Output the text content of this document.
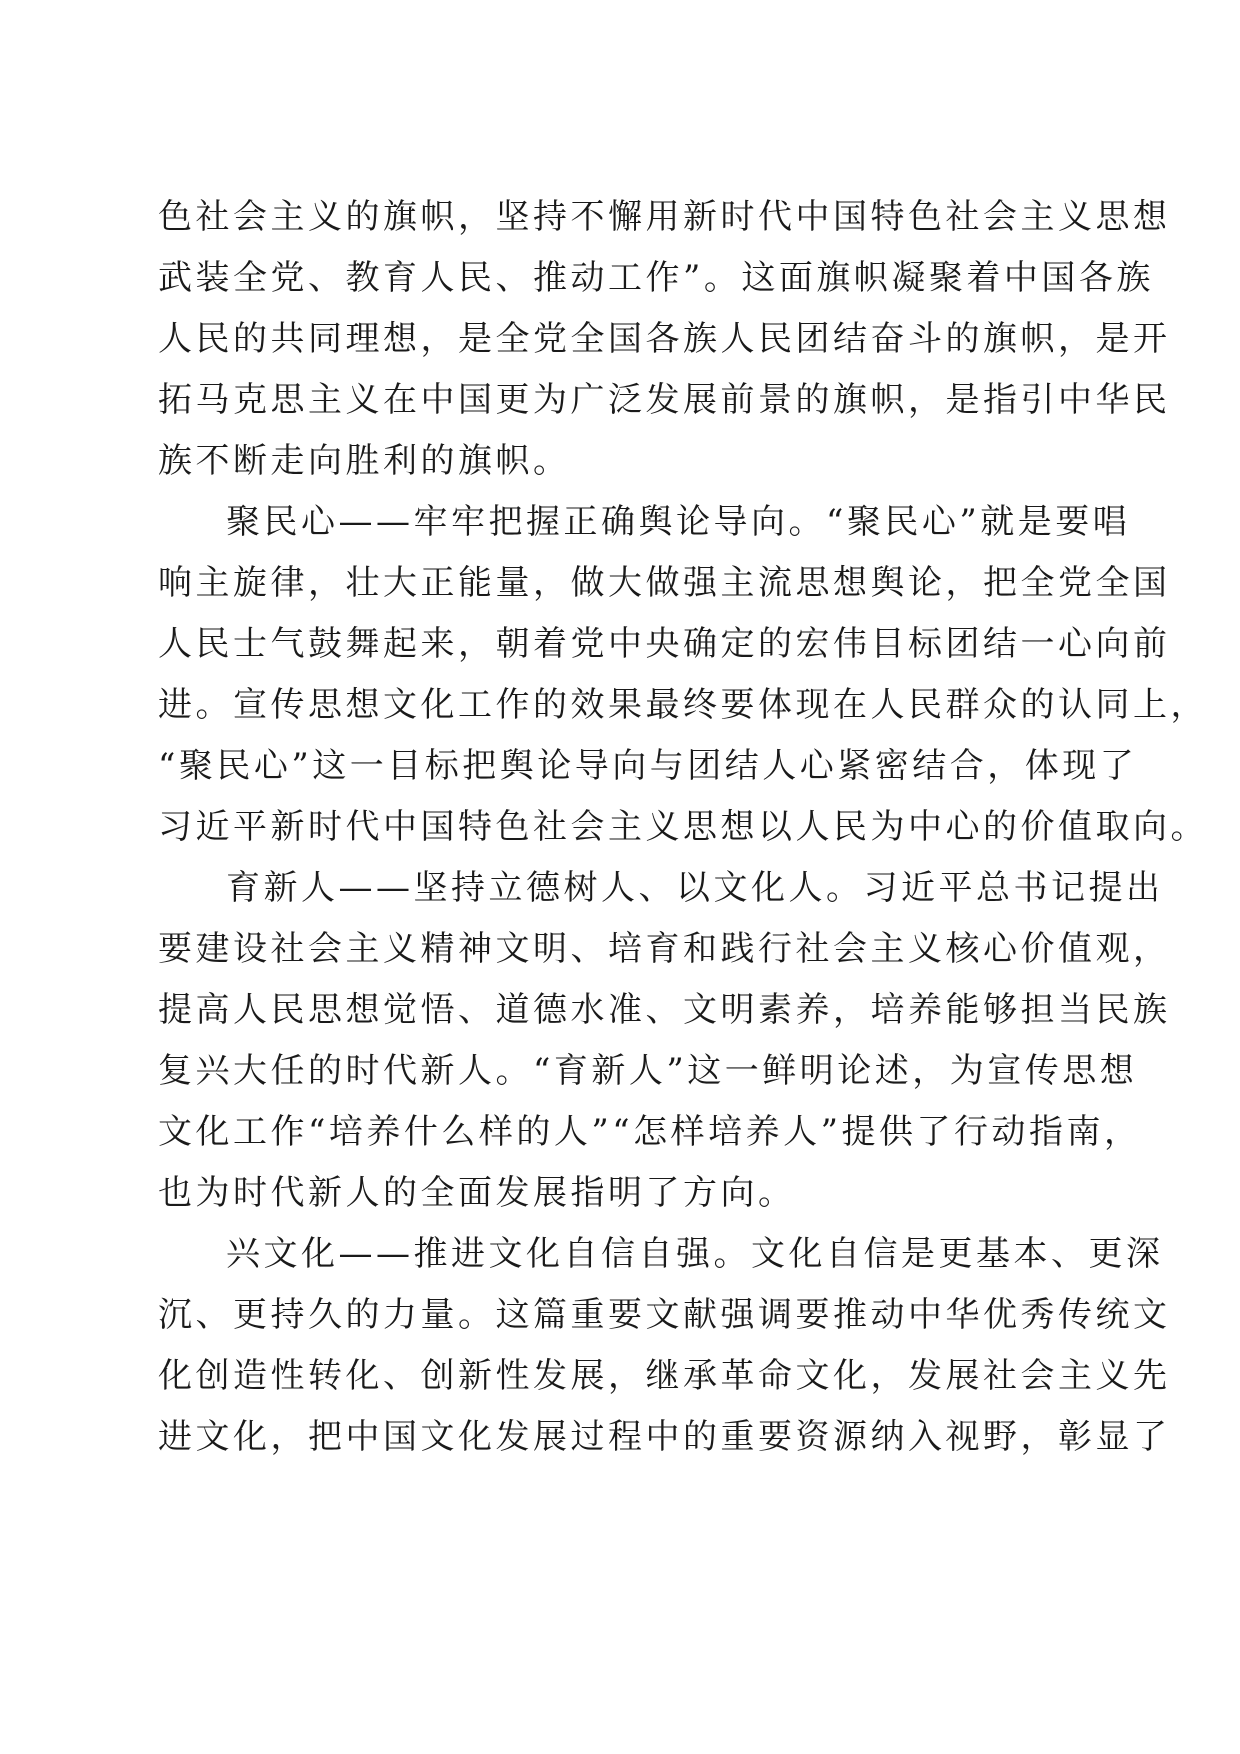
色社会主义的旗帜，坚持不懈用新时代中国特色社会主义思想
武装全党、教育人民、推动工作”。这面旗帜凝聚着中国各族
人民的共同理想，是全党全国各族人民团结奋斗的旗帜，是开
拓马克思主义在中国更为广泛发展前景的旗帜，是指引中华民
族不断走向胜利的旗帜。
聚民心——牢牢把握正确舆论导向。“聚民心”就是要唱
响主旋律，壮大正能量，做大做强主流思想舆论，把全党全国
人民士气鼓舞起来，朝着党中央确定的宏伟目标团结一心向前
进。宣传思想文化工作的效果最终要体现在人民群众的认同上，
“聚民心”这一目标把舆论导向与团结人心紧密结合，体现了
习近平新时代中国特色社会主义思想以人民为中心的价值取向。
育新人——坚持立德树人、以文化人。习近平总书记提出
要建设社会主义精神文明、培育和践行社会主义核心价值观，
提高人民思想觉悟、道德水准、文明素养，培养能够担当民族
复兴大任的时代新人。“育新人”这一鲜明论述，为宣传思想
文化工作“培养什么样的人”“怎样培养人”提供了行动指南，
也为时代新人的全面发展指明了方向。
兴文化——推进文化自信自强。文化自信是更基本、更深
沉、更持久的力量。这篇重要文献强调要推动中华优秀传统文
化创造性转化、创新性发展，继承革命文化，发展社会主义先
进文化，把中国文化发展过程中的重要资源纳入视野，彰显了
